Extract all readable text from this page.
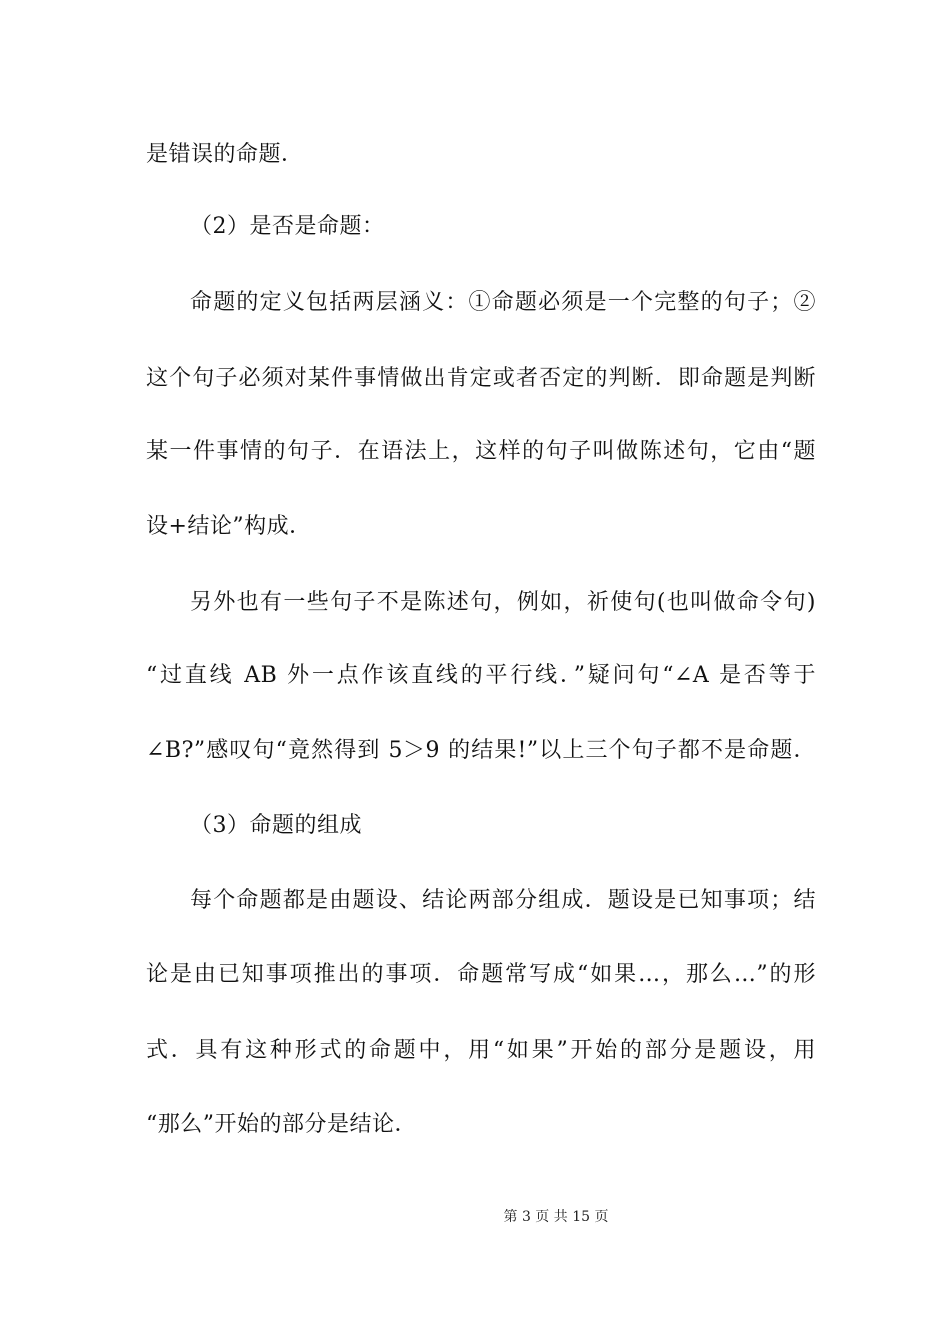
是错误的命题．
（2）是否是命题：
命题的定义包括两层涵义：①命题必须是一个完整的句子；②
这个句子必须对某件事情做出肯定或者否定的判断．即命题是判断
某一件事情的句子．在语法上，这样的句子叫做陈述句，它由“题
设+结论”构成．
另外也有一些句子不是陈述句，例如，祈使句(也叫做命令句)
“过直线 AB 外一点作该直线的平行线．”疑问句“∠A 是否等于
∠B?”感叹句“竟然得到 5＞9 的结果!”以上三个句子都不是命题．
（3）命题的组成
每个命题都是由题设、结论两部分组成．题设是已知事项；结
论是由已知事项推出的事项．命题常写成“如果…，那么…”的形
式．具有这种形式的命题中，用“如果”开始的部分是题设，用
“那么”开始的部分是结论．
第 3 页 共 15 页
